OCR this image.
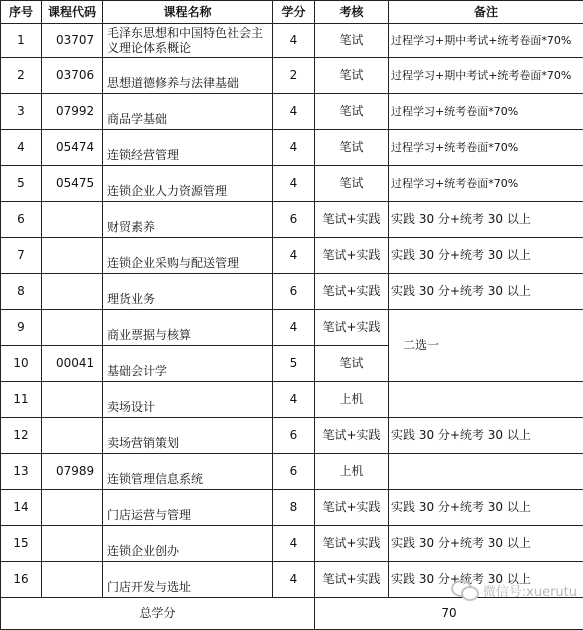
序号	课程代码	课程名称	学分	考核	备注
1	03707	毛泽东思想和中国特色社会主义理论体系概论	4	笔试	过程学习+期中考试+统考卷面*70%
2	03706	思想道德修养与法律基础	2	笔试	过程学习+期中考试+统考卷面*70%
3	07992	商品学基础	4	笔试	过程学习+统考卷面*70%
4	05474	连锁经营管理	4	笔试	过程学习+统考卷面*70%
5	05475	连锁企业人力资源管理	4	笔试	过程学习+统考卷面*70%
6		财贸素养	6	笔试+实践	实践 30 分+统考 30 以上
7		连锁企业采购与配送管理	4	笔试+实践	实践 30 分+统考 30 以上
8		理货业务	6	笔试+实践	实践 30 分+统考 30 以上
9		商业票据与核算	4	笔试+实践	二选一
10	00041	基础会计学	5	笔试	
11		卖场设计	4	上机	
12		卖场营销策划	6	笔试+实践	实践 30 分+统考 30 以上
13	07989	连锁管理信息系统	6	上机	
14		门店运营与管理	8	笔试+实践	实践 30 分+统考 30 以上
15		连锁企业创办	4	笔试+实践	实践 30 分+统考 30 以上
16		门店开发与选址	4	笔试+实践	实践 30 分+统考 30 以上
总学分				70	
微信号:xuerutu
